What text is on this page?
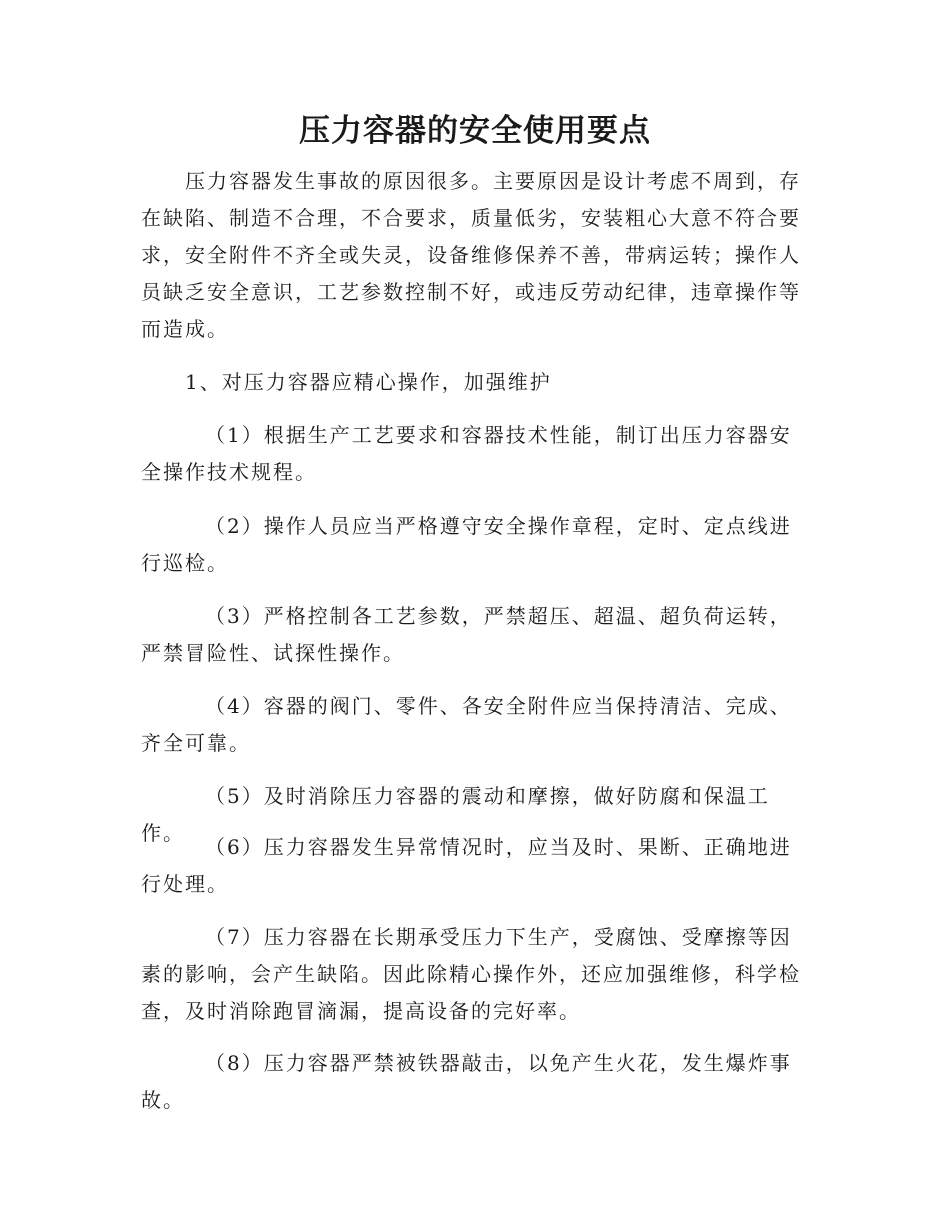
压力容器的安全使用要点

压力容器发生事故的原因很多。主要原因是设计考虑不周到，存在缺陷、制造不合理，不合要求，质量低劣，安装粗心大意不符合要求，安全附件不齐全或失灵，设备维修保养不善，带病运转；操作人员缺乏安全意识，工艺参数控制不好，或违反劳动纪律，违章操作等而造成。

1、对压力容器应精心操作，加强维护

（1）根据生产工艺要求和容器技术性能，制订出压力容器安全操作技术规程。

（2）操作人员应当严格遵守安全操作章程，定时、定点线进行巡检。

（3）严格控制各工艺参数，严禁超压、超温、超负荷运转，严禁冒险性、试探性操作。

（4）容器的阀门、零件、各安全附件应当保持清洁、完成、齐全可靠。

（5）及时消除压力容器的震动和摩擦，做好防腐和保温工作。

（6）压力容器发生异常情况时，应当及时、果断、正确地进行处理。

（7）压力容器在长期承受压力下生产，受腐蚀、受摩擦等因素的影响，会产生缺陷。因此除精心操作外，还应加强维修，科学检查，及时消除跑冒滴漏，提高设备的完好率。

（8）压力容器严禁被铁器敲击，以免产生火花，发生爆炸事故。
